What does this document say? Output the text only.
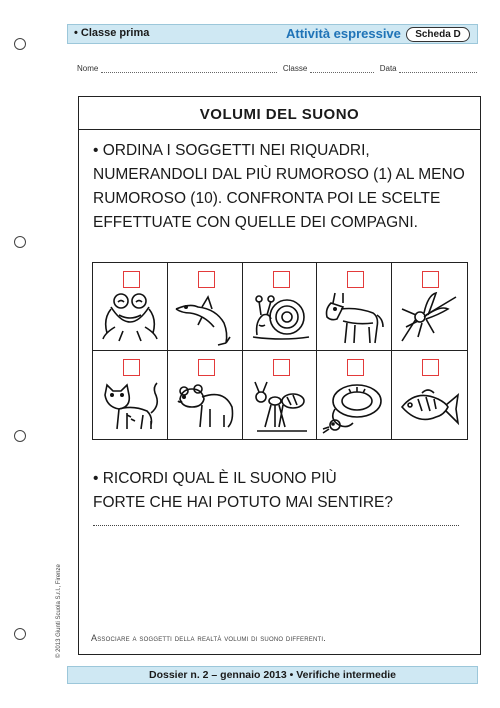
• Classe prima	Attività espressive	Scheda D
Nome	Classe	Data
VOLUMI DEL SUONO
• ORDINA I SOGGETTI NEI RIQUADRI, NUMERANDOLI DAL PIÙ RUMOROSO (1) AL MENO RUMOROSO (10). CONFRONTA POI LE SCELTE EFFETTUATE CON QUELLE DEI COMPAGNI.
• RICORDI QUAL È IL SUONO PIÙ FORTE CHE HAI POTUTO MAI SENTIRE?
Associare a soggetti della realtà volumi di suono differenti.
© 2013 Giunti Scuola S.r.l., Firenze
Dossier n. 2 – gennaio 2013 • Verifiche intermedie
